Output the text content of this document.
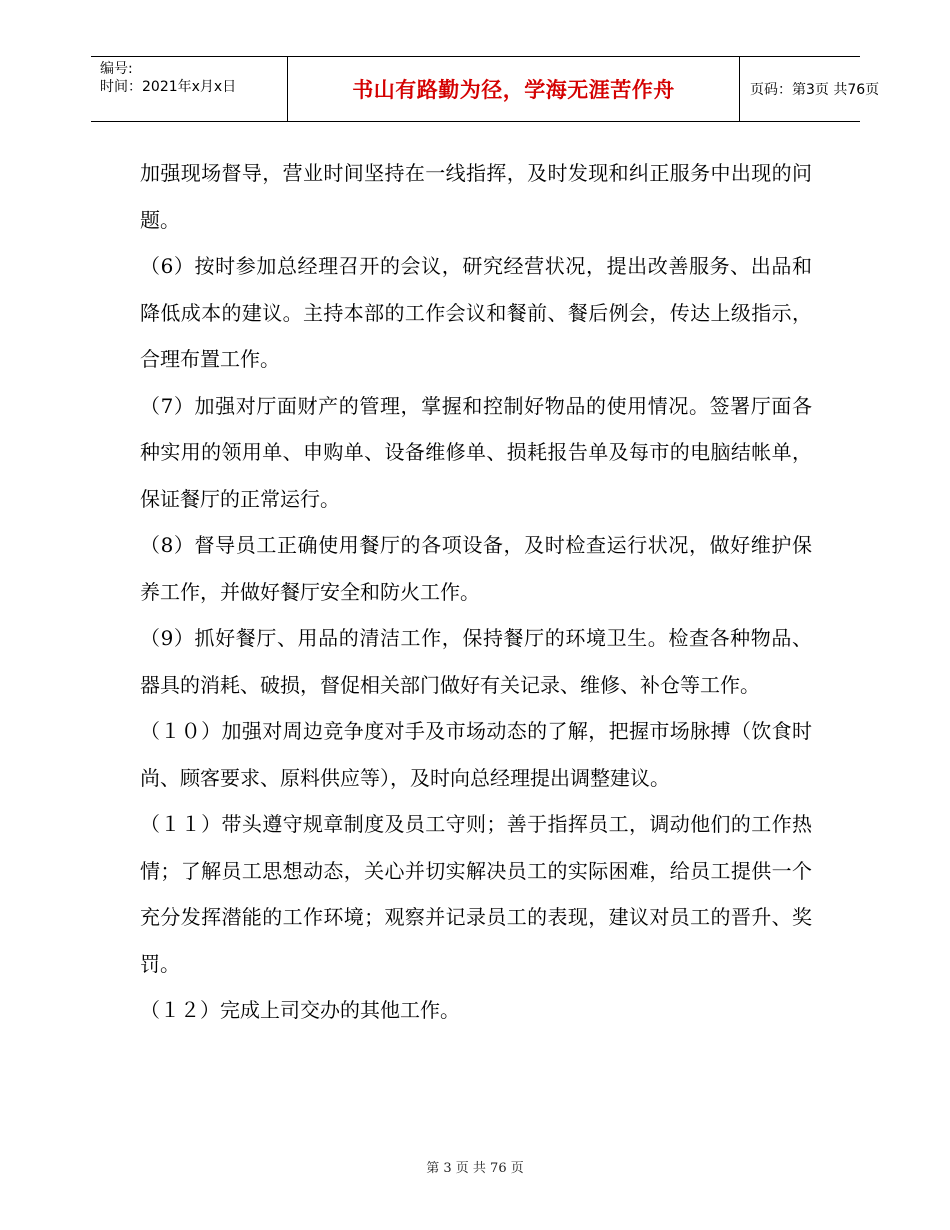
编号:
时间：2021年x月x日	书山有路勤为径，学海无涯苦作舟	页码：第3页 共76页

加强现场督导，营业时间坚持在一线指挥，及时发现和纠正服务中出现的问题。

（6）按时参加总经理召开的会议，研究经营状况，提出改善服务、出品和降低成本的建议。主持本部的工作会议和餐前、餐后例会，传达上级指示，合理布置工作。

（7）加强对厅面财产的管理，掌握和控制好物品的使用情况。签署厅面各种实用的领用单、申购单、设备维修单、损耗报告单及每市的电脑结帐单，保证餐厅的正常运行。

（8）督导员工正确使用餐厅的各项设备，及时检查运行状况，做好维护保养工作，并做好餐厅安全和防火工作。

（9）抓好餐厅、用品的清洁工作，保持餐厅的环境卫生。检查各种物品、器具的消耗、破损，督促相关部门做好有关记录、维修、补仓等工作。

（１０）加强对周边竞争度对手及市场动态的了解，把握市场脉搏（饮食时尚、顾客要求、原料供应等），及时向总经理提出调整建议。

（１１）带头遵守规章制度及员工守则；善于指挥员工，调动他们的工作热情；了解员工思想动态，关心并切实解决员工的实际困难，给员工提供一个充分发挥潜能的工作环境；观察并记录员工的表现，建议对员工的晋升、奖罚。

（１２）完成上司交办的其他工作。

第 3 页 共 76 页
